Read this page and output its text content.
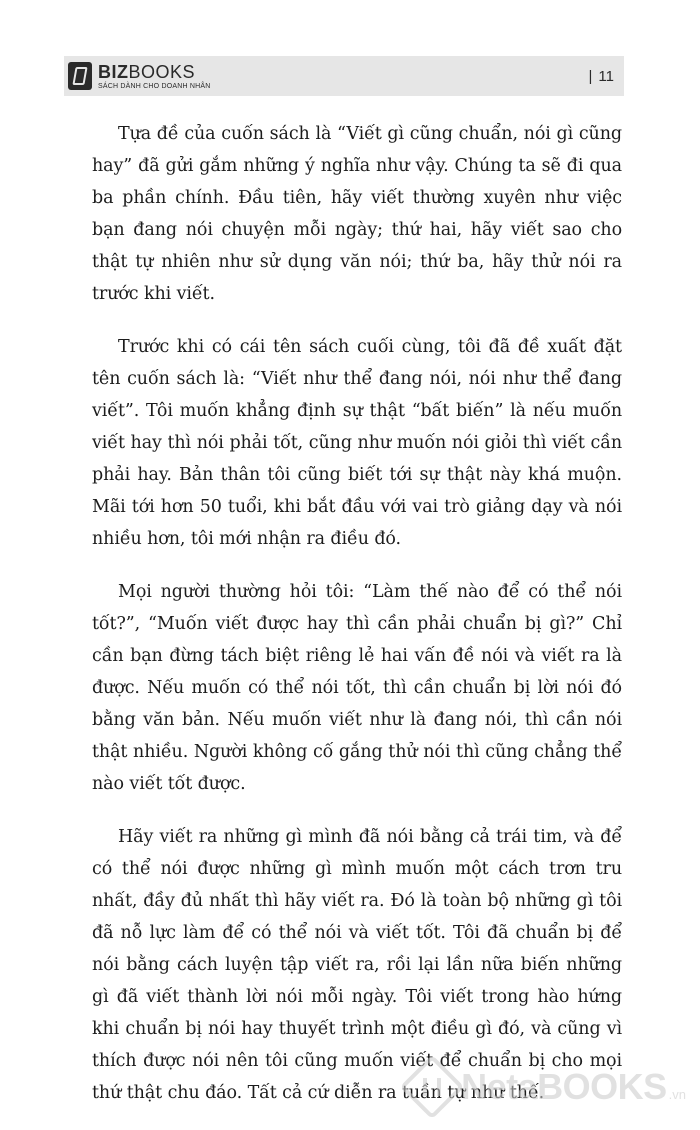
BIZBOOKS
SÁCH DÀNH CHO DOANH NHÂN
| 11

Tựa đề của cuốn sách là “Viết gì cũng chuẩn, nói gì cũng hay” đã gửi gắm những ý nghĩa như vậy. Chúng ta sẽ đi qua ba phần chính. Đầu tiên, hãy viết thường xuyên như việc bạn đang nói chuyện mỗi ngày; thứ hai, hãy viết sao cho thật tự nhiên như sử dụng văn nói; thứ ba, hãy thử nói ra trước khi viết.

Trước khi có cái tên sách cuối cùng, tôi đã đề xuất đặt tên cuốn sách là: “Viết như thể đang nói, nói như thể đang viết”. Tôi muốn khẳng định sự thật “bất biến” là nếu muốn viết hay thì nói phải tốt, cũng như muốn nói giỏi thì viết cần phải hay. Bản thân tôi cũng biết tới sự thật này khá muộn. Mãi tới hơn 50 tuổi, khi bắt đầu với vai trò giảng dạy và nói nhiều hơn, tôi mới nhận ra điều đó.

Mọi người thường hỏi tôi: “Làm thế nào để có thể nói tốt?”, “Muốn viết được hay thì cần phải chuẩn bị gì?” Chỉ cần bạn đừng tách biệt riêng lẻ hai vấn đề nói và viết ra là được. Nếu muốn có thể nói tốt, thì cần chuẩn bị lời nói đó bằng văn bản. Nếu muốn viết như là đang nói, thì cần nói thật nhiều. Người không cố gắng thử nói thì cũng chẳng thể nào viết tốt được.

Hãy viết ra những gì mình đã nói bằng cả trái tim, và để có thể nói được những gì mình muốn một cách trơn tru nhất, đầy đủ nhất thì hãy viết ra. Đó là toàn bộ những gì tôi đã nỗ lực làm để có thể nói và viết tốt. Tôi đã chuẩn bị để nói bằng cách luyện tập viết ra, rồi lại lần nữa biến những gì đã viết thành lời nói mỗi ngày. Tôi viết trong hào hứng khi chuẩn bị nói hay thuyết trình một điều gì đó, và cũng vì thích được nói nên tôi cũng muốn viết để chuẩn bị cho mọi thứ thật chu đáo. Tất cả cứ diễn ra tuần tự như thế.

NetaBOOKS .vn
